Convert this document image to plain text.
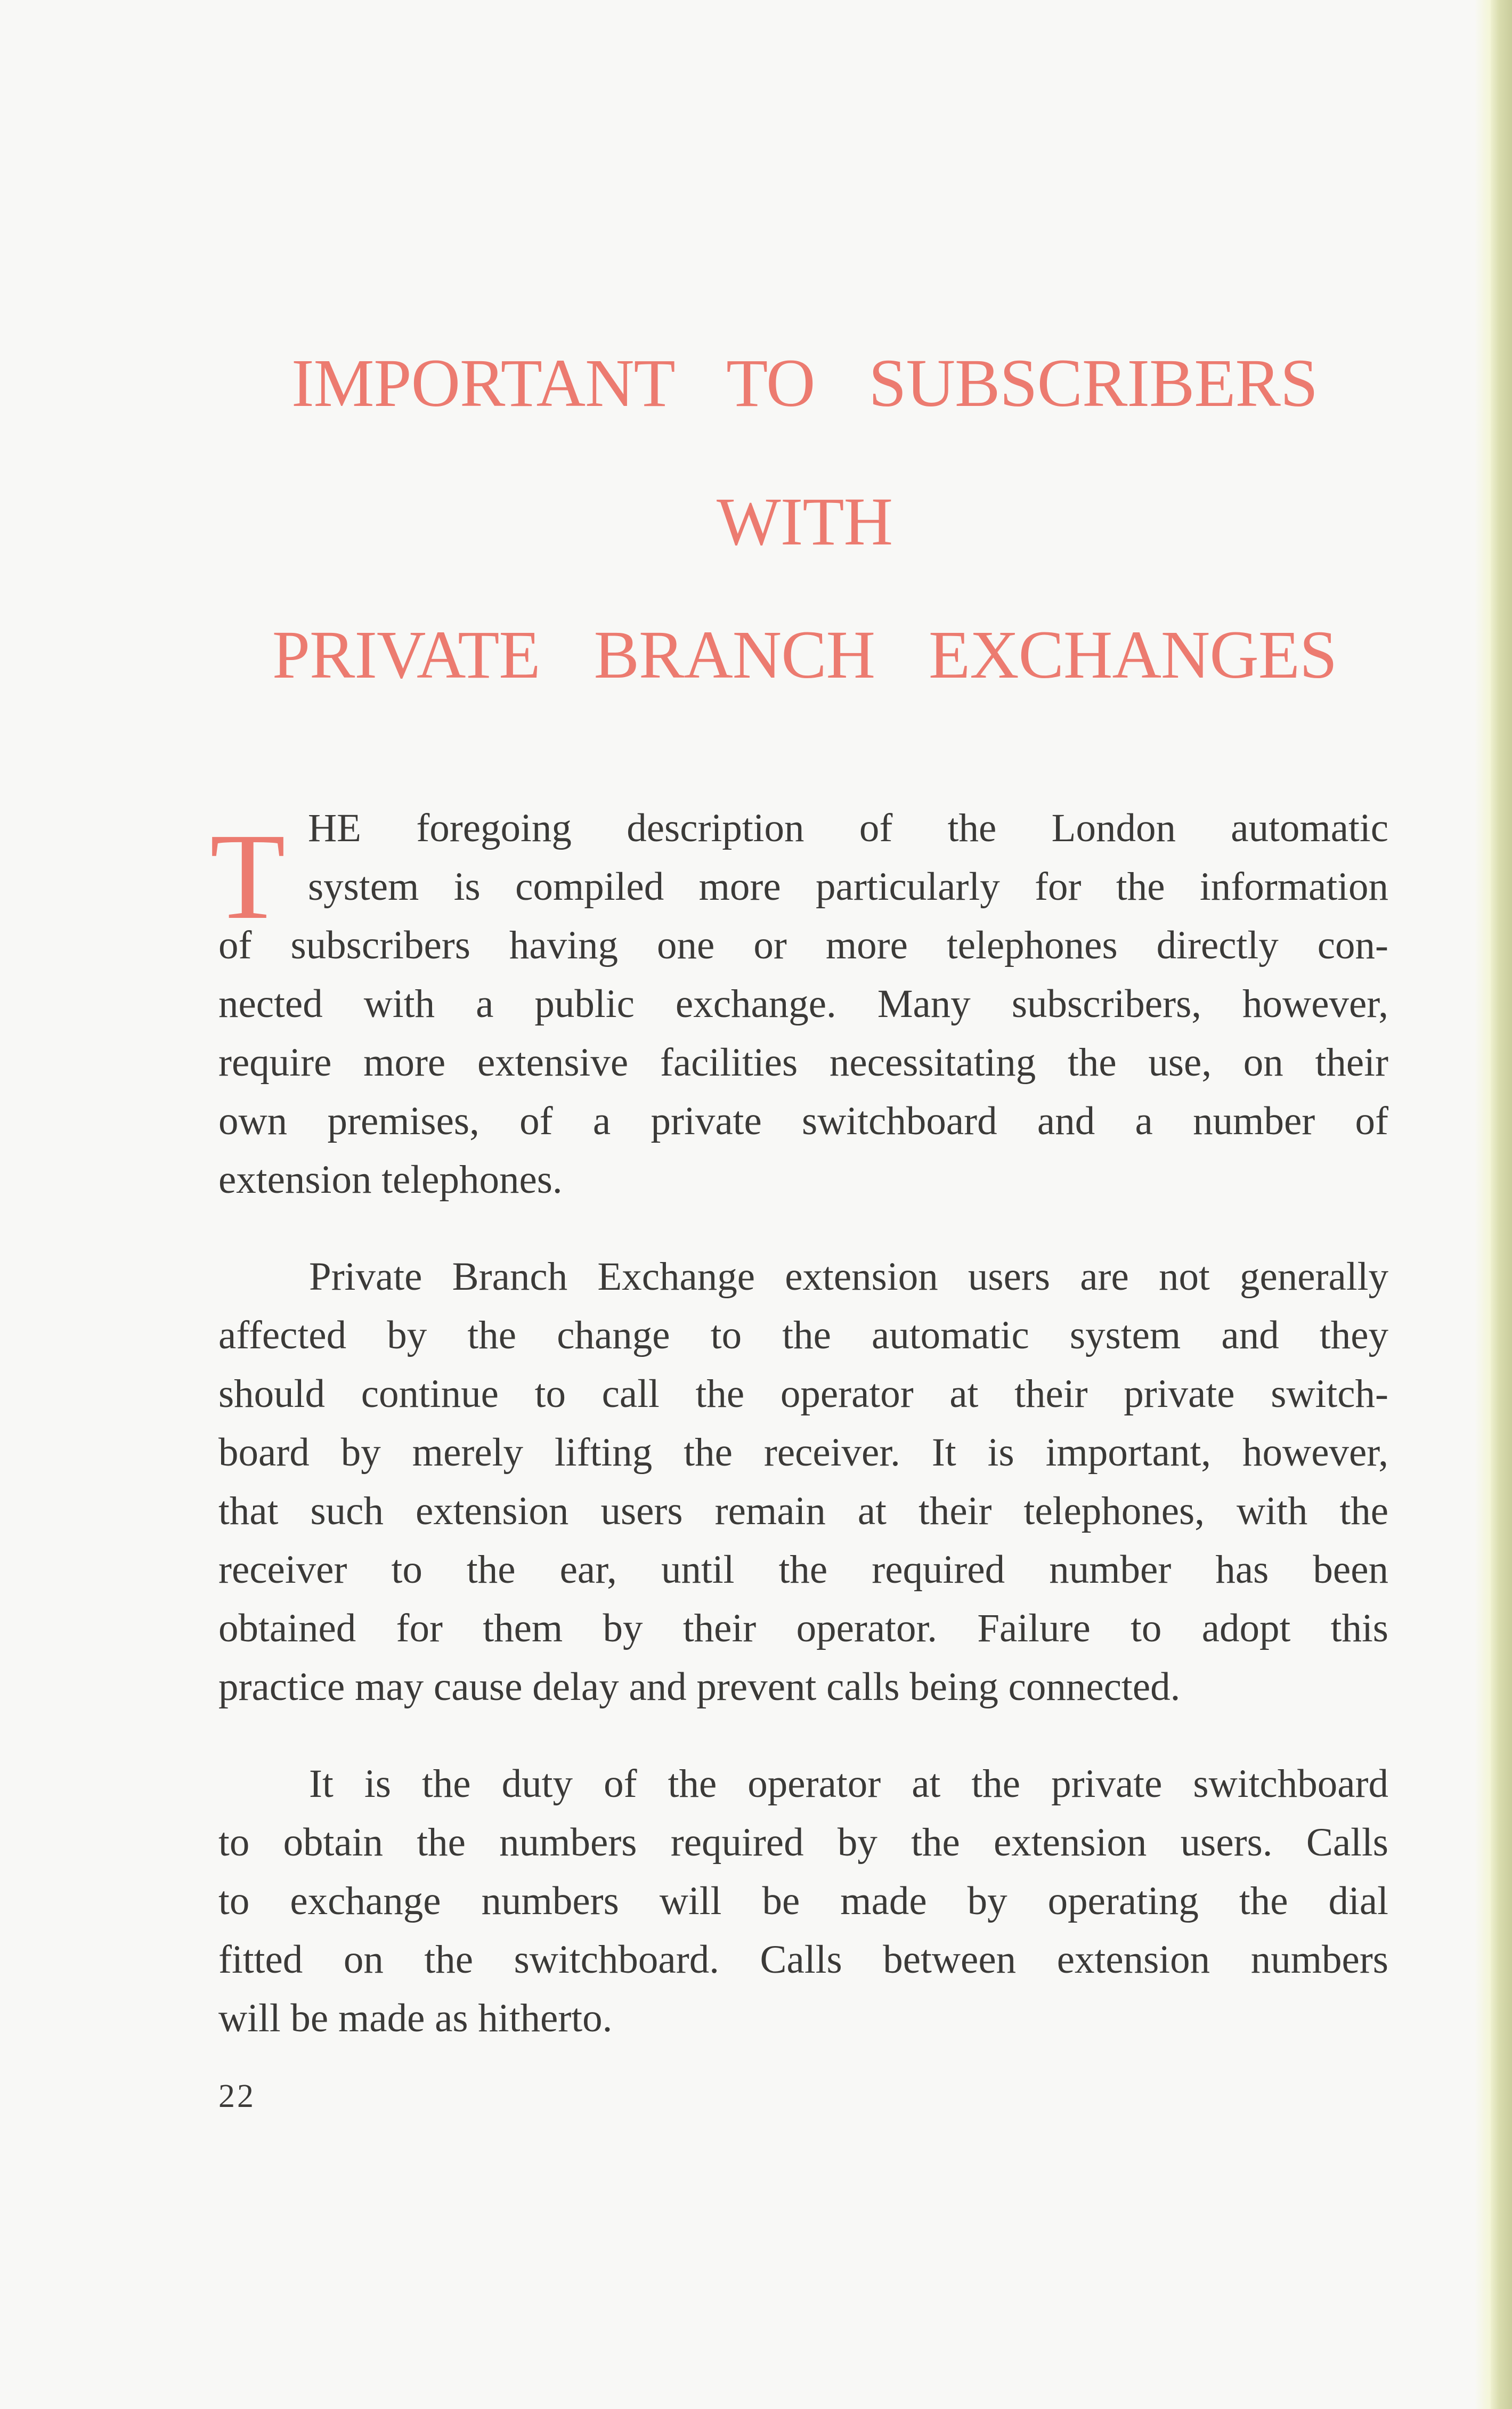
IMPORTANT TO SUBSCRIBERS
WITH
PRIVATE BRANCH EXCHANGES
T HE foregoing description of the London automatic
system is compiled more particularly for the information
of subscribers having one or more telephones directly con-
nected with a public exchange. Many subscribers, however,
require more extensive facilities necessitating the use, on their
own premises, of a private switchboard and a number of
extension telephones.
Private Branch Exchange extension users are not generally
affected by the change to the automatic system and they
should continue to call the operator at their private switch-
board by merely lifting the receiver. It is important, however,
that such extension users remain at their telephones, with the
receiver to the ear, until the required number has been
obtained for them by their operator. Failure to adopt this
practice may cause delay and prevent calls being connected.
It is the duty of the operator at the private switchboard
to obtain the numbers required by the extension users. Calls
to exchange numbers will be made by operating the dial
fitted on the switchboard. Calls between extension numbers
will be made as hitherto.
22
